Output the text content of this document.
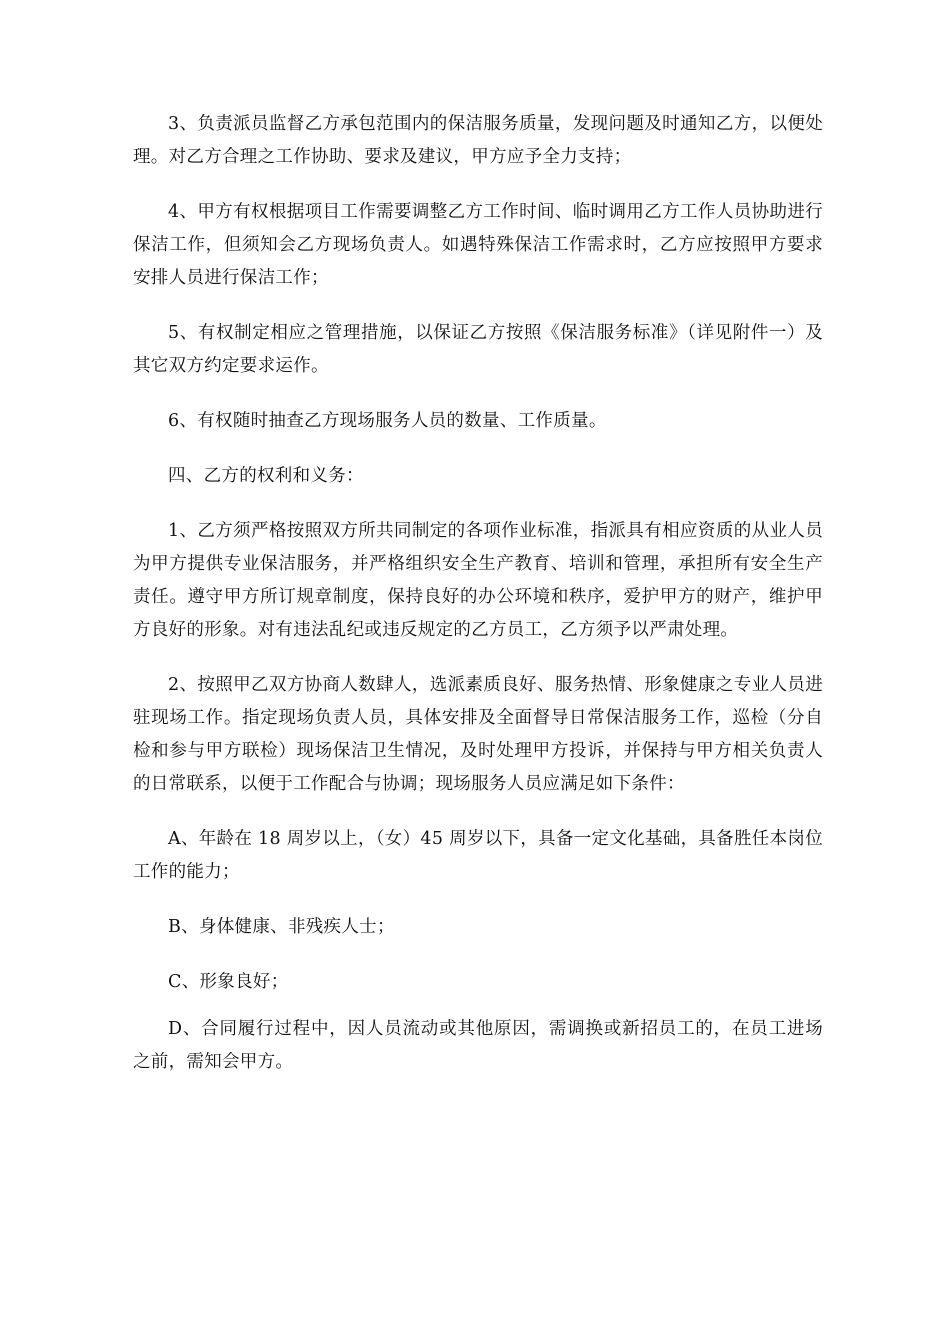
3、负责派员监督乙方承包范围内的保洁服务质量，发现问题及时通知乙方，以便处理。对乙方合理之工作协助、要求及建议，甲方应予全力支持；

4、甲方有权根据项目工作需要调整乙方工作时间、临时调用乙方工作人员协助进行保洁工作，但须知会乙方现场负责人。如遇特殊保洁工作需求时，乙方应按照甲方要求安排人员进行保洁工作；

5、有权制定相应之管理措施，以保证乙方按照《保洁服务标准》（详见附件一）及其它双方约定要求运作。

6、有权随时抽查乙方现场服务人员的数量、工作质量。

四、乙方的权利和义务：

1、乙方须严格按照双方所共同制定的各项作业标准，指派具有相应资质的从业人员为甲方提供专业保洁服务，并严格组织安全生产教育、培训和管理，承担所有安全生产责任。遵守甲方所订规章制度，保持良好的办公环境和秩序，爱护甲方的财产，维护甲方良好的形象。对有违法乱纪或违反规定的乙方员工，乙方须予以严肃处理。

2、按照甲乙双方协商人数肆人，选派素质良好、服务热情、形象健康之专业人员进驻现场工作。指定现场负责人员，具体安排及全面督导日常保洁服务工作，巡检（分自检和参与甲方联检）现场保洁卫生情况，及时处理甲方投诉，并保持与甲方相关负责人的日常联系，以便于工作配合与协调；现场服务人员应满足如下条件：

A、年龄在 18 周岁以上，（女）45 周岁以下，具备一定文化基础，具备胜任本岗位工作的能力；

B、身体健康、非残疾人士；

C、形象良好；

D、合同履行过程中，因人员流动或其他原因，需调换或新招员工的，在员工进场之前，需知会甲方。
